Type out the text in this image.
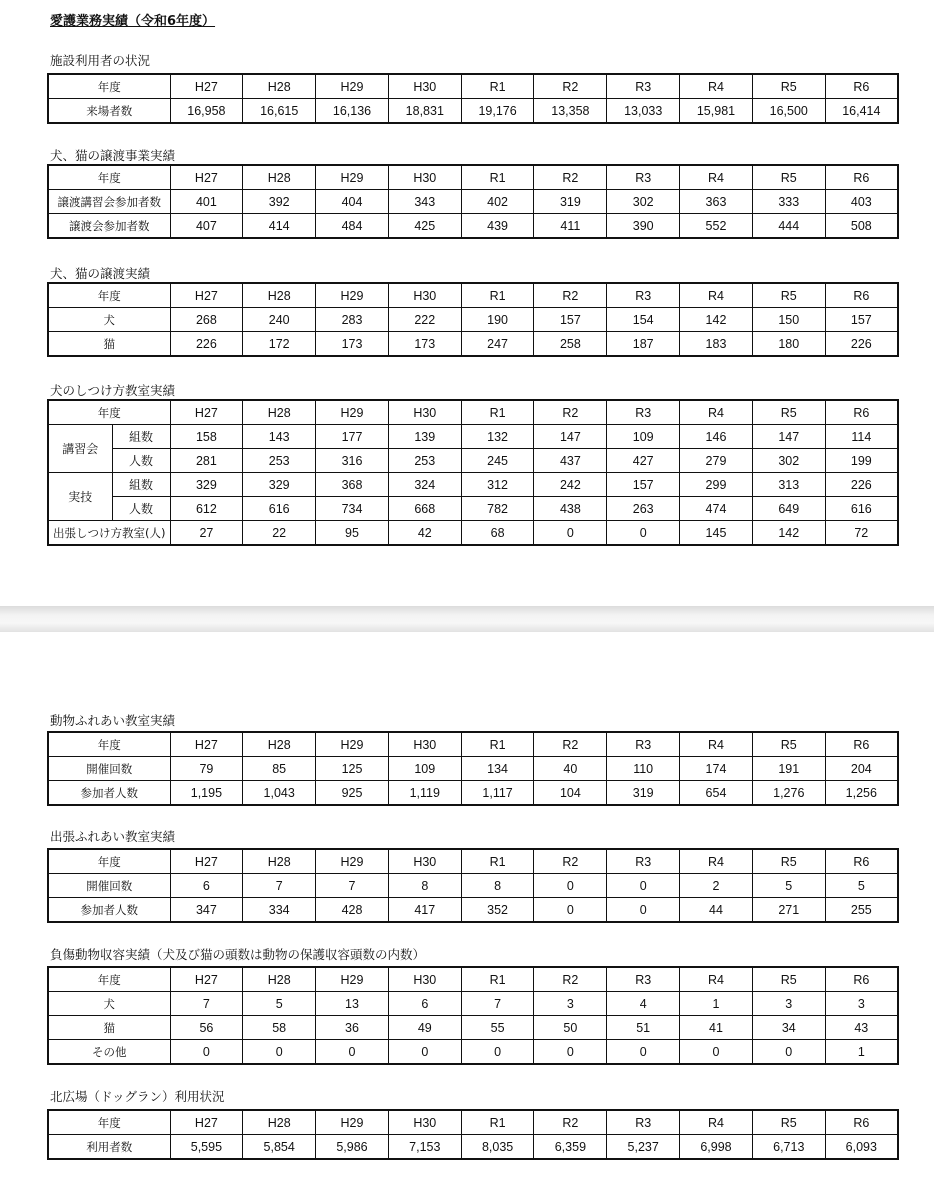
愛護業務実績（令和6年度）
施設利用者の状況
年度	H27	H28	H29	H30	R1	R2	R3	R4	R5	R6
来場者数	16,958	16,615	16,136	18,831	19,176	13,358	13,033	15,981	16,500	16,414
犬、猫の譲渡事業実績
年度	H27	H28	H29	H30	R1	R2	R3	R4	R5	R6
譲渡講習会参加者数	401	392	404	343	402	319	302	363	333	403
譲渡会参加者数	407	414	484	425	439	411	390	552	444	508
犬、猫の譲渡実績
年度	H27	H28	H29	H30	R1	R2	R3	R4	R5	R6
犬	268	240	283	222	190	157	154	142	150	157
猫	226	172	173	173	247	258	187	183	180	226
犬のしつけ方教室実績
年度		H27	H28	H29	H30	R1	R2	R3	R4	R5	R6
講習会	組数	158	143	177	139	132	147	109	146	147	114
	人数	281	253	316	253	245	437	427	279	302	199
実技	組数	329	329	368	324	312	242	157	299	313	226
	人数	612	616	734	668	782	438	263	474	649	616
出張しつけ方教室(人)		27	22	95	42	68	0	0	145	142	72
動物ふれあい教室実績
年度	H27	H28	H29	H30	R1	R2	R3	R4	R5	R6
開催回数	79	85	125	109	134	40	110	174	191	204
参加者人数	1,195	1,043	925	1,119	1,117	104	319	654	1,276	1,256
出張ふれあい教室実績
年度	H27	H28	H29	H30	R1	R2	R3	R4	R5	R6
開催回数	6	7	7	8	8	0	0	2	5	5
参加者人数	347	334	428	417	352	0	0	44	271	255
負傷動物収容実績（犬及び猫の頭数は動物の保護収容頭数の内数）
年度	H27	H28	H29	H30	R1	R2	R3	R4	R5	R6
犬	7	5	13	6	7	3	4	1	3	3
猫	56	58	36	49	55	50	51	41	34	43
その他	0	0	0	0	0	0	0	0	0	1
北広場（ドッグラン）利用状況
年度	H27	H28	H29	H30	R1	R2	R3	R4	R5	R6
利用者数	5,595	5,854	5,986	7,153	8,035	6,359	5,237	6,998	6,713	6,093
